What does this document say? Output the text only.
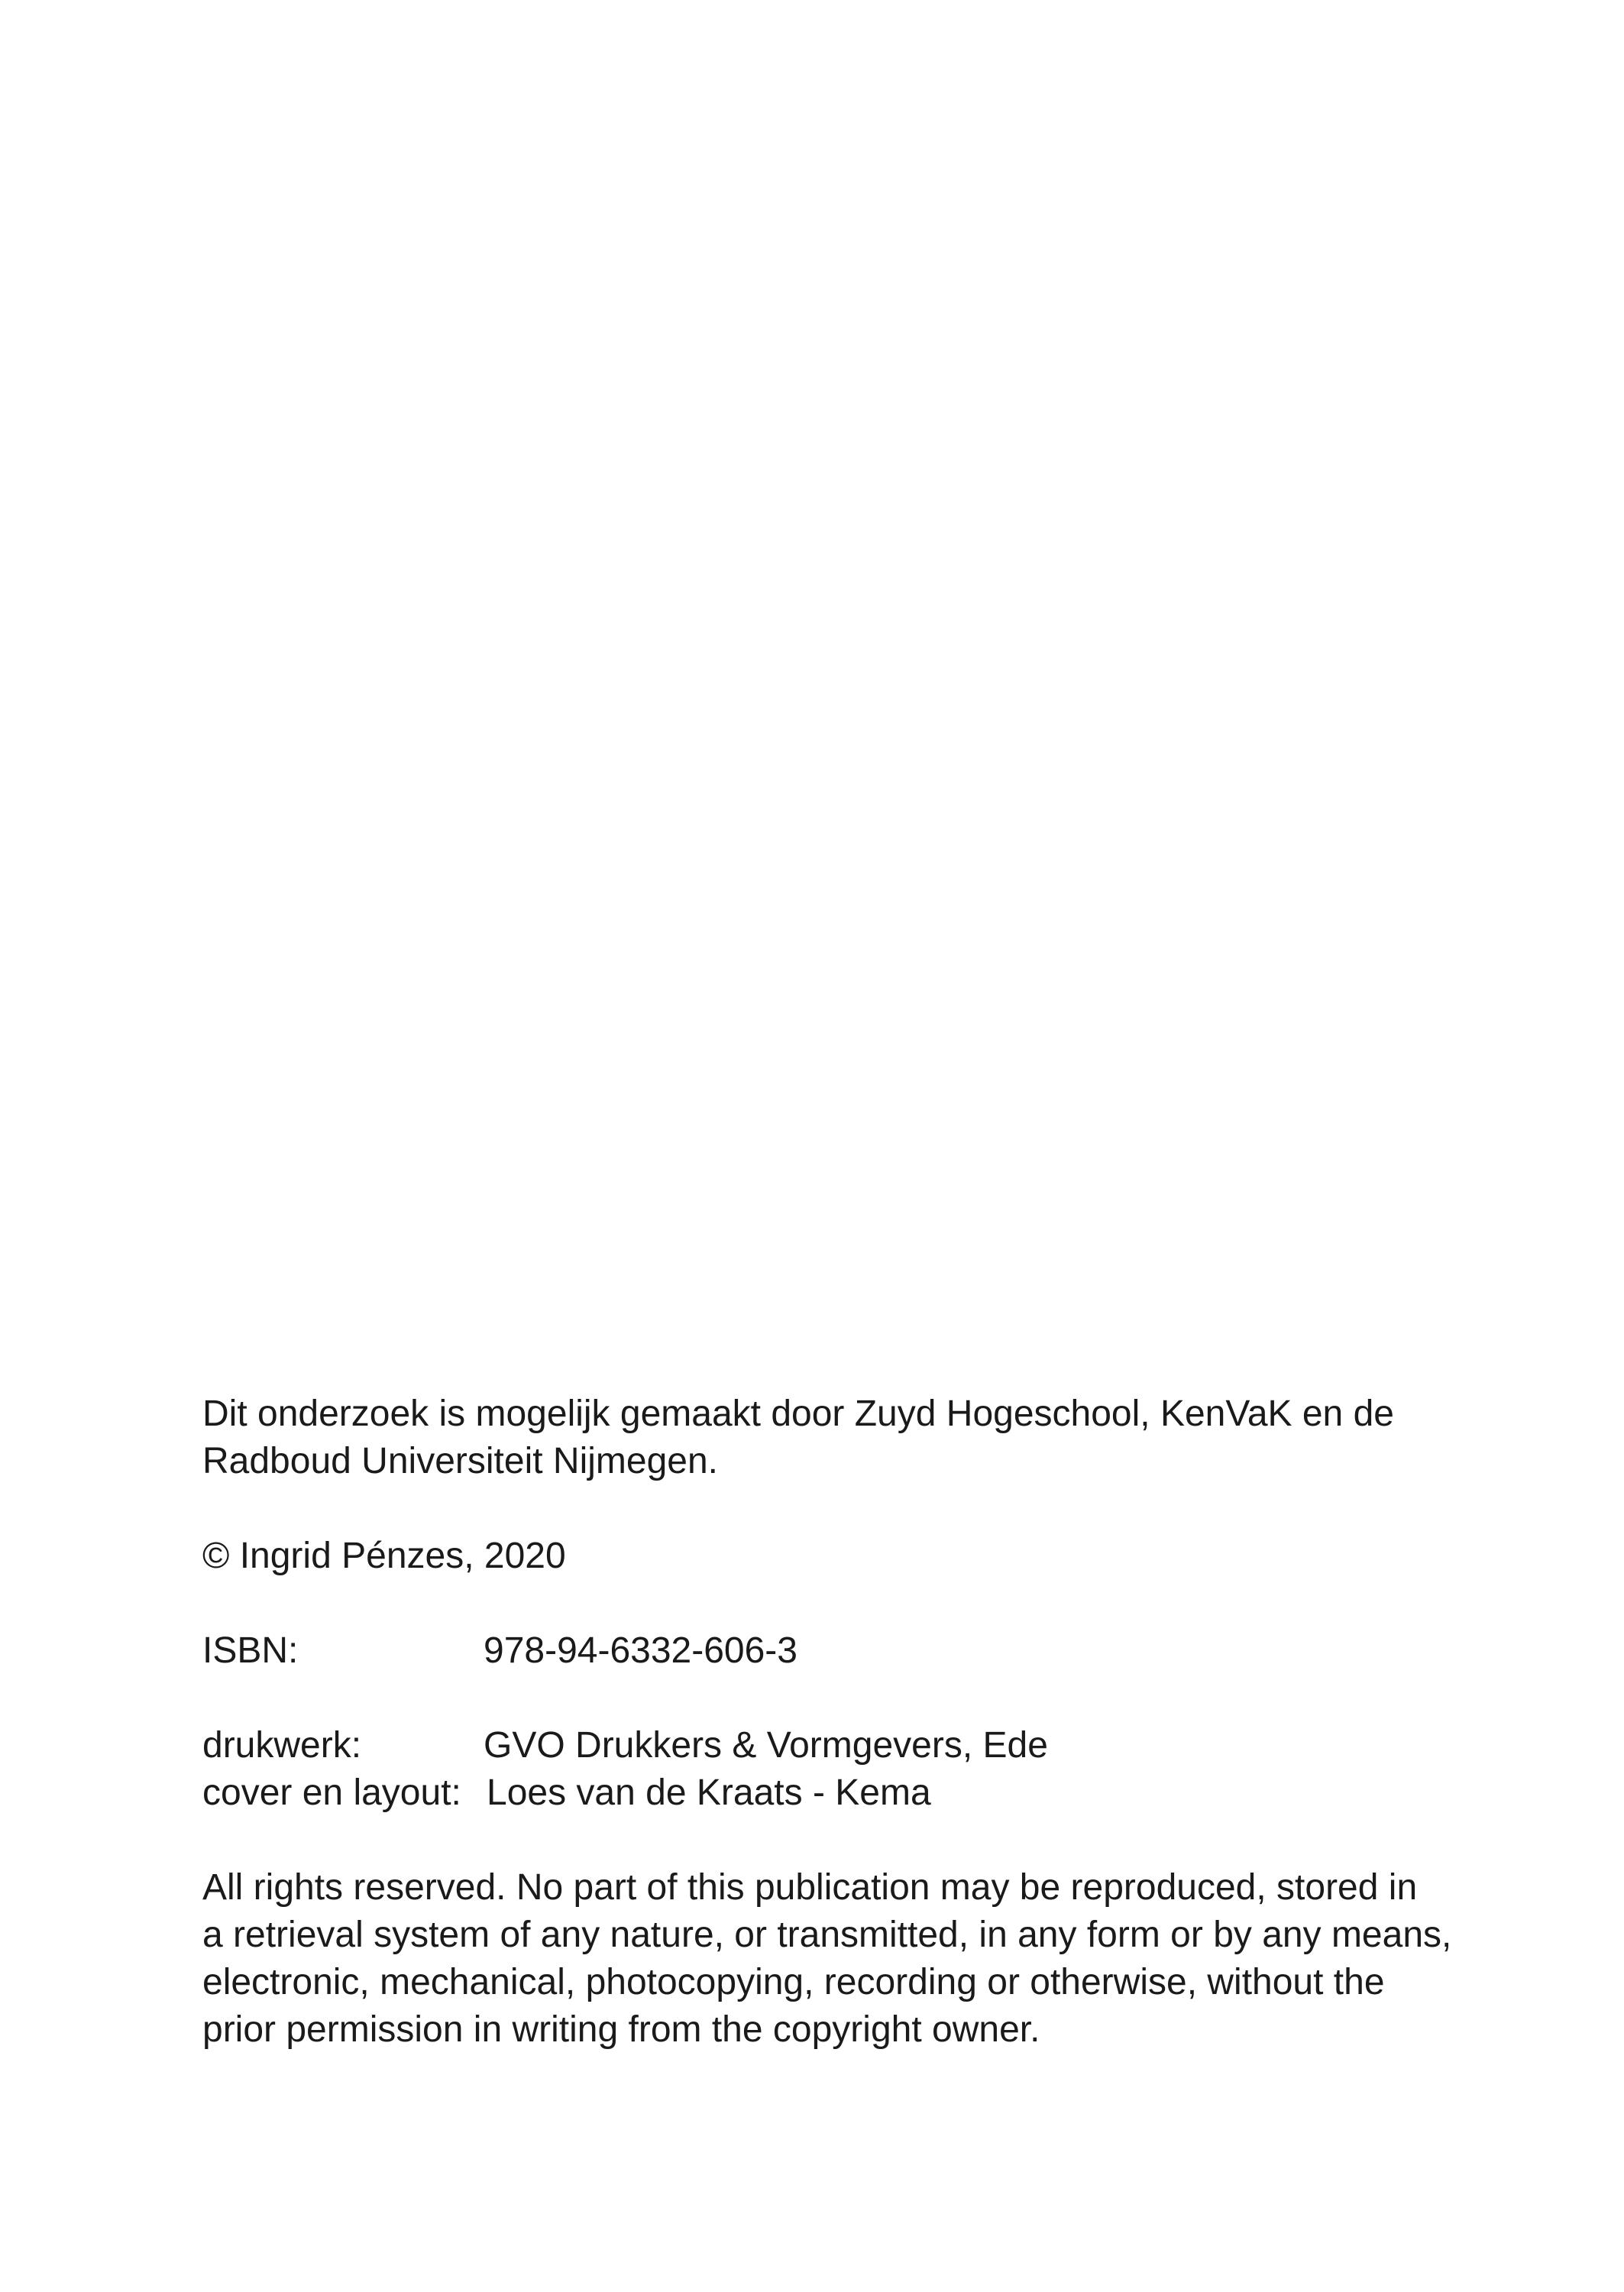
Dit onderzoek is mogelijk gemaakt door Zuyd Hogeschool, KenVaK en de
Radboud Universiteit Nijmegen.
© Ingrid Pénzes, 2020
ISBN:	978-94-6332-606-3
drukwerk:	GVO Drukkers & Vormgevers, Ede
cover en layout: Loes van de Kraats - Kema
All rights reserved. No part of this publication may be reproduced, stored in
a retrieval system of any nature, or transmitted, in any form or by any means,
electronic, mechanical, photocopying, recording or otherwise, without the
prior permission in writing from the copyright owner.
